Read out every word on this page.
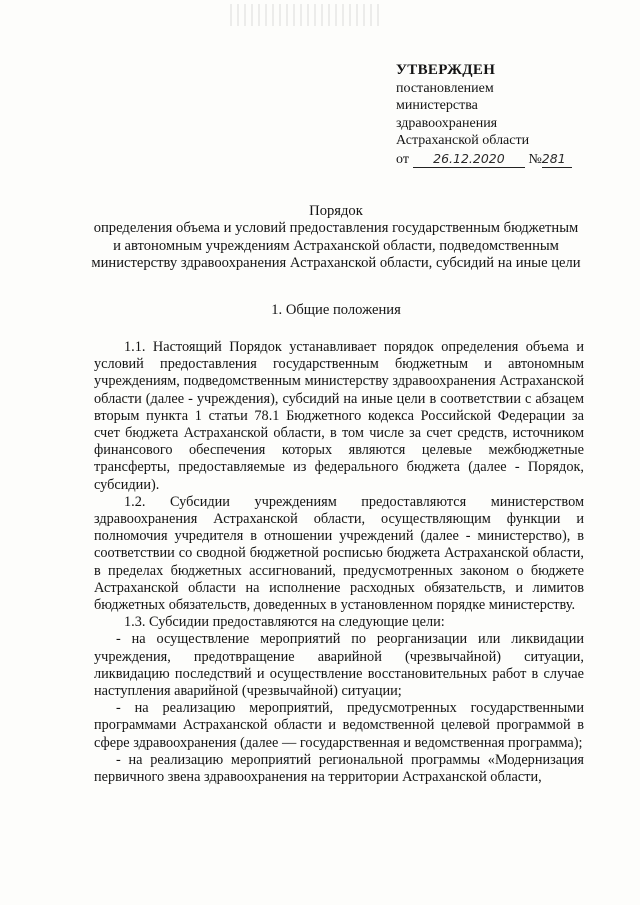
УТВЕРЖДЕН
постановлением
министерства
здравоохранения
Астраханской области
от 26.12.2020 №281
Порядок
определения объема и условий предоставления государственным бюджетным и автономным учреждениям Астраханской области, подведомственным министерству здравоохранения Астраханской области, субсидий на иные цели
1. Общие положения

1.1. Настоящий Порядок устанавливает порядок определения объема и условий предоставления государственным бюджетным и автономным учреждениям, подведомственным министерству здравоохранения Астраханской области (далее - учреждения), субсидий на иные цели в соответствии с абзацем вторым пункта 1 статьи 78.1 Бюджетного кодекса Российской Федерации за счет бюджета Астраханской области, в том числе за счет средств, источником финансового обеспечения которых являются целевые межбюджетные трансферты, предоставляемые из федерального бюджета (далее - Порядок, субсидии).

1.2. Субсидии учреждениям предоставляются министерством здравоохранения Астраханской области, осуществляющим функции и полномочия учредителя в отношении учреждений (далее - министерство), в соответствии со сводной бюджетной росписью бюджета Астраханской области, в пределах бюджетных ассигнований, предусмотренных законом о бюджете Астраханской области на исполнение расходных обязательств, и лимитов бюджетных обязательств, доведенных в установленном порядке министерству.

1.3. Субсидии предоставляются на следующие цели:

- на осуществление мероприятий по реорганизации или ликвидации учреждения, предотвращение аварийной (чрезвычайной) ситуации, ликвидацию последствий и осуществление восстановительных работ в случае наступления аварийной (чрезвычайной) ситуации;

- на реализацию мероприятий, предусмотренных государственными программами Астраханской области и ведомственной целевой программой в сфере здравоохранения (далее — государственная и ведомственная программа);

- на реализацию мероприятий региональной программы «Модернизация первичного звена здравоохранения на территории Астраханской области,
